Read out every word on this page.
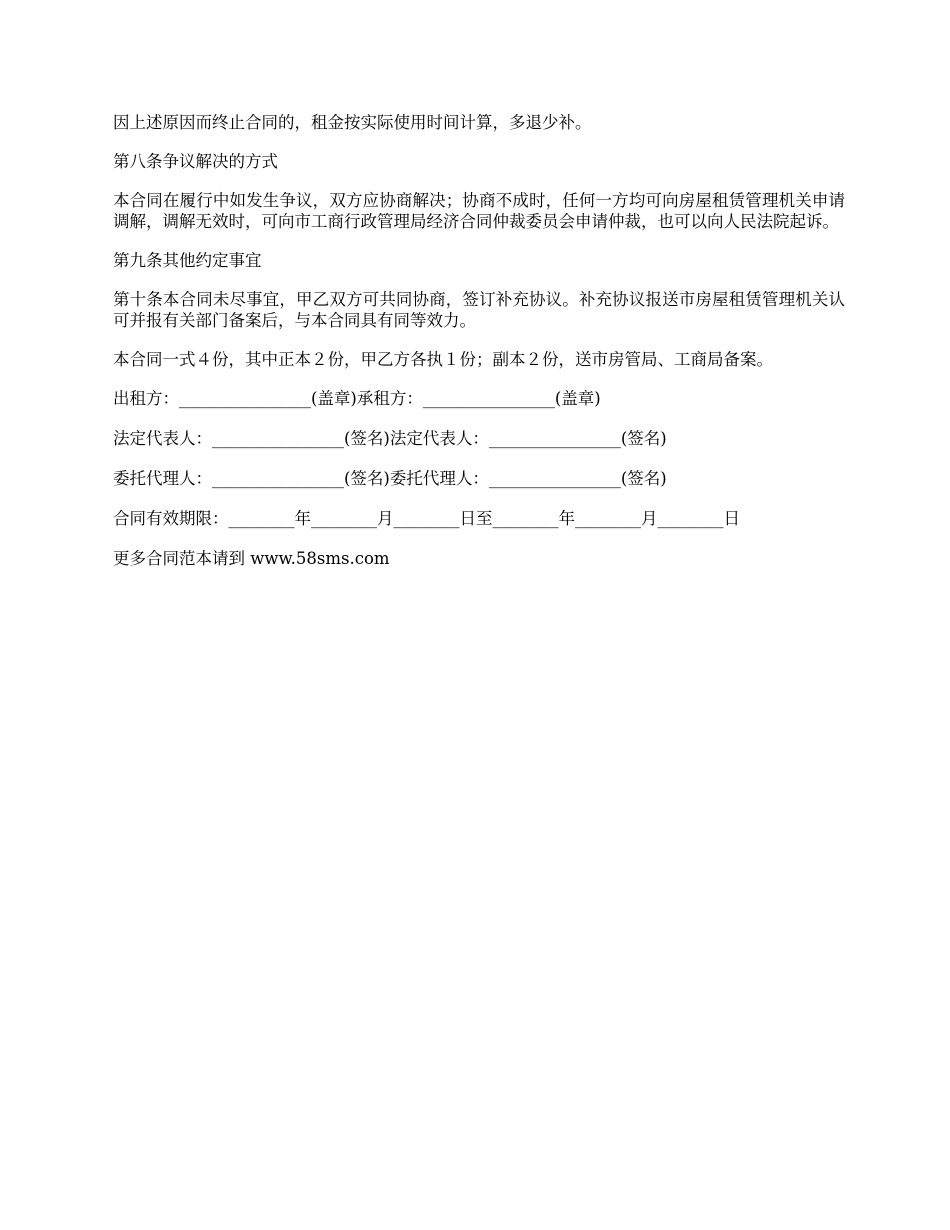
因上述原因而终止合同的，租金按实际使用时间计算，多退少补。

第八条争议解决的方式

本合同在履行中如发生争议，双方应协商解决；协商不成时，任何一方均可向房屋租赁管理机关申请调解，调解无效时，可向市工商行政管理局经济合同仲裁委员会申请仲裁，也可以向人民法院起诉。

第九条其他约定事宜

第十条本合同未尽事宜，甲乙双方可共同协商，签订补充协议。补充协议报送市房屋租赁管理机关认可并报有关部门备案后，与本合同具有同等效力。

本合同一式４份，其中正本２份，甲乙方各执１份；副本２份，送市房管局、工商局备案。

出租方：________________(盖章)承租方：________________(盖章)

法定代表人：________________(签名)法定代表人：________________(签名)

委托代理人：________________(签名)委托代理人：________________(签名)

合同有效期限：________年________月________日至________年________月________日

更多合同范本请到 www.58sms.com
